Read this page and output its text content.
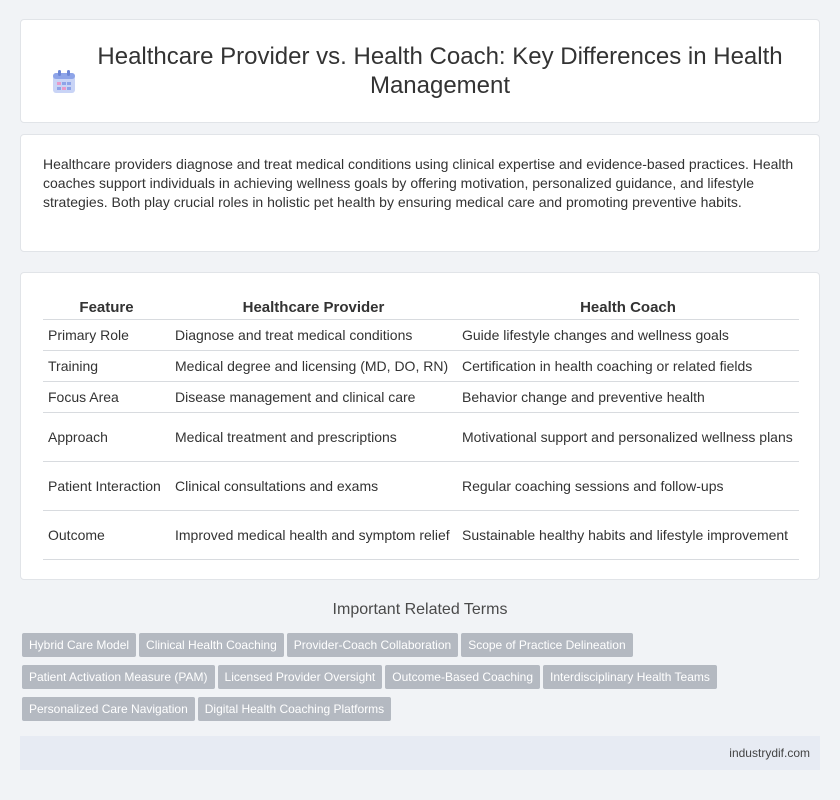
Healthcare Provider vs. Health Coach: Key Differences in Health Management

Healthcare providers diagnose and treat medical conditions using clinical expertise and evidence-based practices. Health coaches support individuals in achieving wellness goals by offering motivation, personalized guidance, and lifestyle strategies. Both play crucial roles in holistic pet health by ensuring medical care and promoting preventive habits.

Feature	Healthcare Provider	Health Coach
Primary Role	Diagnose and treat medical conditions	Guide lifestyle changes and wellness goals
Training	Medical degree and licensing (MD, DO, RN)	Certification in health coaching or related fields
Focus Area	Disease management and clinical care	Behavior change and preventive health
Approach	Medical treatment and prescriptions	Motivational support and personalized wellness plans
Patient Interaction	Clinical consultations and exams	Regular coaching sessions and follow-ups
Outcome	Improved medical health and symptom relief	Sustainable healthy habits and lifestyle improvement
Important Related Terms
Hybrid Care Model Clinical Health Coaching Provider-Coach Collaboration Scope of Practice Delineation
Patient Activation Measure (PAM) Licensed Provider Oversight Outcome-Based Coaching Interdisciplinary Health Teams
Personalized Care Navigation Digital Health Coaching Platforms
industrydif.com
